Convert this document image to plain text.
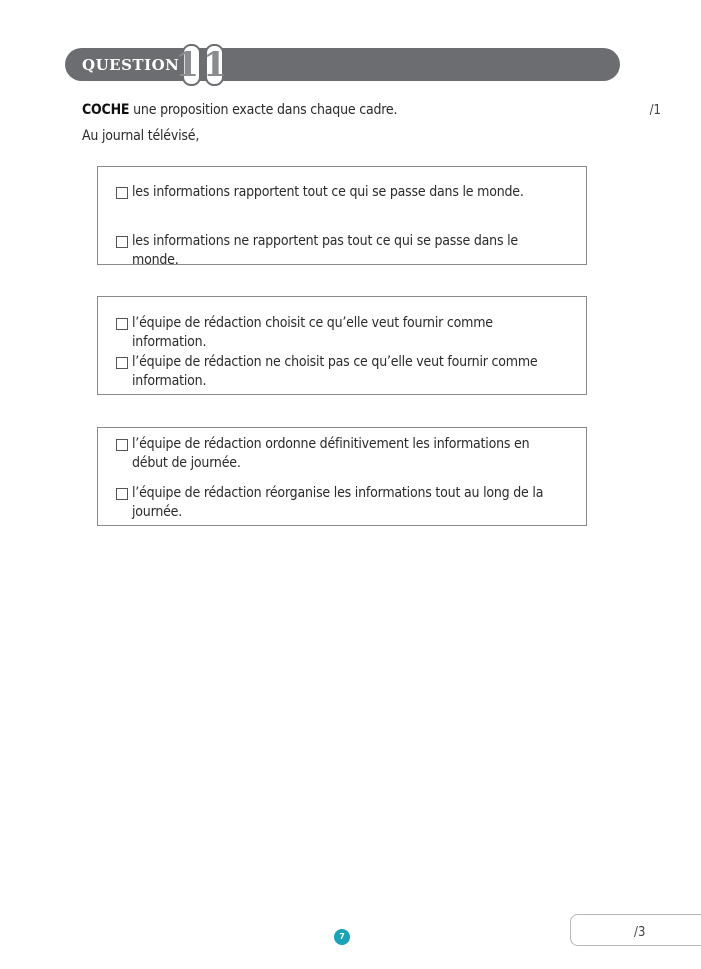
QUESTION
11
COCHE une proposition exacte dans chaque cadre.	/1
Au journal télévisé,
les informations rapportent tout ce qui se passe dans le monde.
les informations ne rapportent pas tout ce qui se passe dans le monde.
l’équipe de rédaction choisit ce qu’elle veut fournir comme information.
l’équipe de rédaction ne choisit pas ce qu’elle veut fournir comme information.
l’équipe de rédaction ordonne définitivement les informations en début de journée.
l’équipe de rédaction réorganise les informations tout au long de la journée.
7	/3
